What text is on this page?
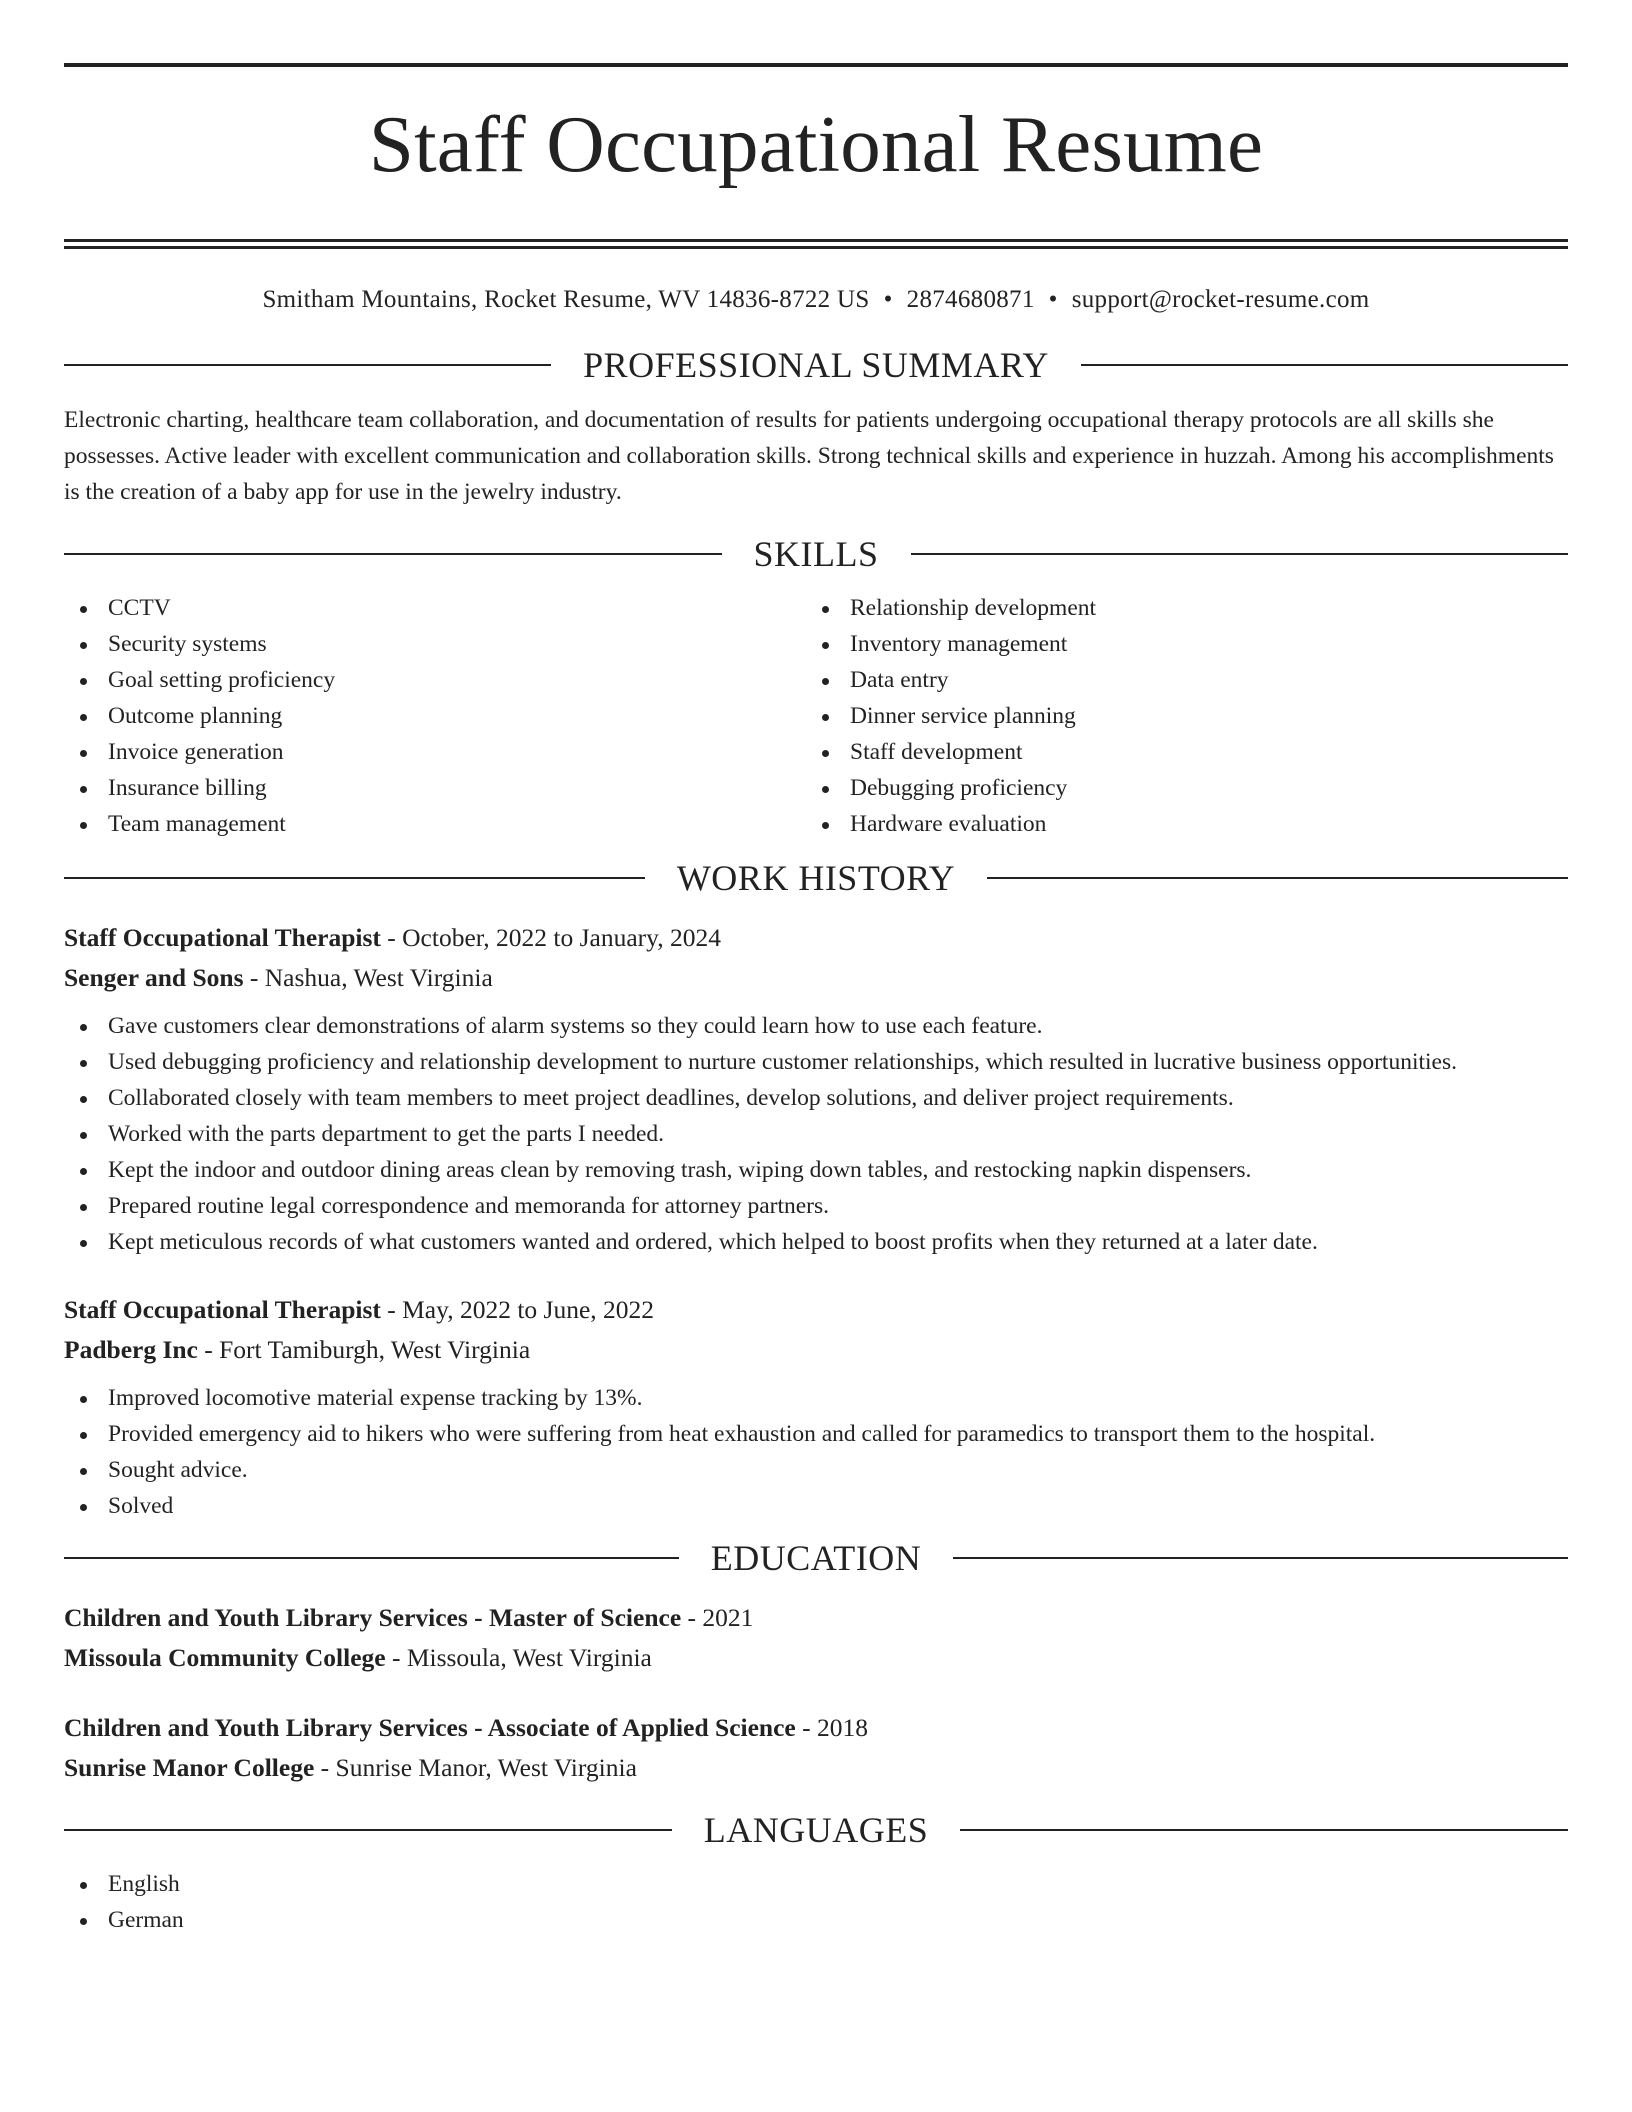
Staff Occupational Resume
Smitham Mountains, Rocket Resume, WV 14836-8722 US • 2874680871 • support@rocket-resume.com
PROFESSIONAL SUMMARY
Electronic charting, healthcare team collaboration, and documentation of results for patients undergoing occupational therapy protocols are all skills she possesses. Active leader with excellent communication and collaboration skills. Strong technical skills and experience in huzzah. Among his accomplishments is the creation of a baby app for use in the jewelry industry.
SKILLS
CCTV
Security systems
Goal setting proficiency
Outcome planning
Invoice generation
Insurance billing
Team management
Relationship development
Inventory management
Data entry
Dinner service planning
Staff development
Debugging proficiency
Hardware evaluation
WORK HISTORY
Staff Occupational Therapist - October, 2022 to January, 2024
Senger and Sons - Nashua, West Virginia
Gave customers clear demonstrations of alarm systems so they could learn how to use each feature.
Used debugging proficiency and relationship development to nurture customer relationships, which resulted in lucrative business opportunities.
Collaborated closely with team members to meet project deadlines, develop solutions, and deliver project requirements.
Worked with the parts department to get the parts I needed.
Kept the indoor and outdoor dining areas clean by removing trash, wiping down tables, and restocking napkin dispensers.
Prepared routine legal correspondence and memoranda for attorney partners.
Kept meticulous records of what customers wanted and ordered, which helped to boost profits when they returned at a later date.
Staff Occupational Therapist - May, 2022 to June, 2022
Padberg Inc - Fort Tamiburgh, West Virginia
Improved locomotive material expense tracking by 13%.
Provided emergency aid to hikers who were suffering from heat exhaustion and called for paramedics to transport them to the hospital.
Sought advice.
Solved
EDUCATION
Children and Youth Library Services - Master of Science - 2021
Missoula Community College - Missoula, West Virginia
Children and Youth Library Services - Associate of Applied Science - 2018
Sunrise Manor College - Sunrise Manor, West Virginia
LANGUAGES
English
German
